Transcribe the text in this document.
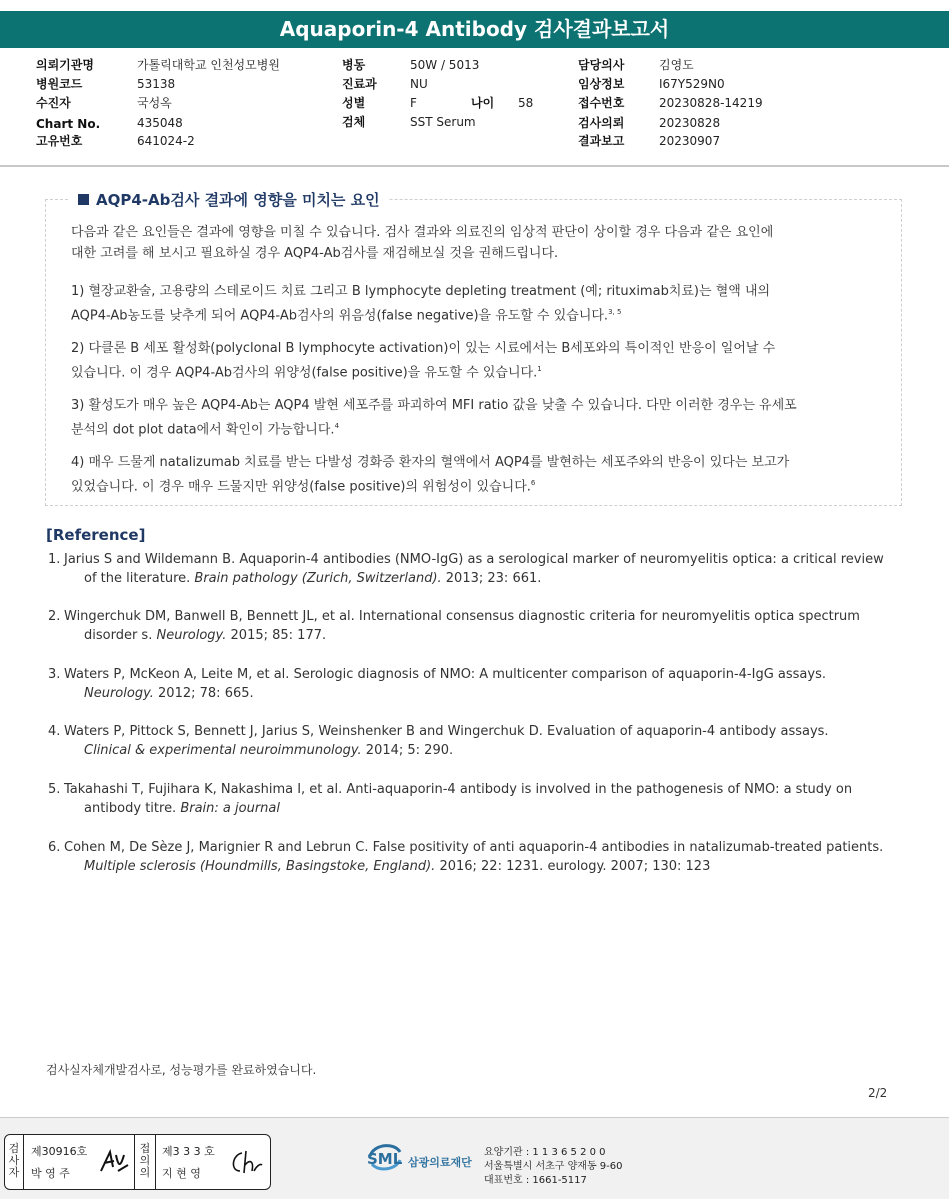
Aquaporin-4 Antibody 검사결과보고서
의뢰기관명	가톨릭대학교 인천성모병원
병원코드	53138
수진자	국성옥
Chart No.	435048
고유번호	641024-2
병동	50W / 5013
진료과	NU
성별	F	나이 58
검체	SST Serum
담당의사	김영도
임상정보	I67Y529N0
접수번호	20230828-14219
검사의뢰	20230828
결과보고	20230907
AQP4-Ab검사 결과에 영향을 미치는 요인
다음과 같은 요인들은 결과에 영향을 미칠 수 있습니다. 검사 결과와 의료진의 임상적 판단이 상이할 경우 다음과 같은 요인에
대한 고려를 해 보시고 필요하실 경우 AQP4-Ab검사를 재검해보실 것을 권해드립니다.
1) 혈장교환술, 고용량의 스테로이드 치료 그리고 B lymphocyte depleting treatment (예; rituximab치료)는 혈액 내의
AQP4-Ab농도를 낮추게 되어 AQP4-Ab검사의 위음성(false negative)을 유도할 수 있습니다.$^{3, 5}$
2) 다클론 B 세포 활성화(polyclonal B lymphocyte activation)이 있는 시료에서는 B세포와의 특이적인 반응이 일어날 수
있습니다. 이 경우 AQP4-Ab검사의 위양성(false positive)을 유도할 수 있습니다.$^1$
3) 활성도가 매우 높은 AQP4-Ab는 AQP4 발현 세포주를 파괴하여 MFI ratio 값을 낮출 수 있습니다. 다만 이러한 경우는 유세포
분석의 dot plot data에서 확인이 가능합니다.$^4$
4) 매우 드물게 natalizumab 치료를 받는 다발성 경화증 환자의 혈액에서 AQP4를 발현하는 세포주와의 반응이 있다는 보고가
있었습니다. 이 경우 매우 드물지만 위양성(false positive)의 위험성이 있습니다.$^6$
[Reference]
1. Jarius S and Wildemann B. Aquaporin-4 antibodies (NMO-IgG) as a serological marker of neuromyelitis optica: a critical review
of the literature. Brain pathology (Zurich, Switzerland). 2013; 23: 661.
2. Wingerchuk DM, Banwell B, Bennett JL, et al. International consensus diagnostic criteria for neuromyelitis optica spectrum
disorder s. Neurology. 2015; 85: 177.
3. Waters P, McKeon A, Leite M, et al. Serologic diagnosis of NMO: A multicenter comparison of aquaporin-4-IgG assays.
Neurology. 2012; 78: 665.
4. Waters P, Pittock S, Bennett J, Jarius S, Weinshenker B and Wingerchuk D. Evaluation of aquaporin-4 antibody assays.
Clinical & experimental neuroimmunology. 2014; 5: 290.
5. Takahashi T, Fujihara K, Nakashima I, et al. Anti-aquaporin-4 antibody is involved in the pathogenesis of NMO: a study on
antibody titre. Brain: a journal
6. Cohen M, De Sèze J, Marignier R and Lebrun C. False positivity of anti aquaporin-4 antibodies in natalizumab-treated patients.
Multiple sclerosis (Houndmills, Basingstoke, England). 2016; 22: 1231. eurology. 2007; 130: 123
검사실자체개발검사로, 성능평가를 완료하였습니다.
2/2
검
사
자
접
의
의
제30916호
박 영 주
제3 3 3 호
지 현 영
SML 삼광의료재단
요양기관 : 1 1 3 6 5 2 0 0
서울특별시 서초구 양재동 9-60
대표번호 : 1661-5117
